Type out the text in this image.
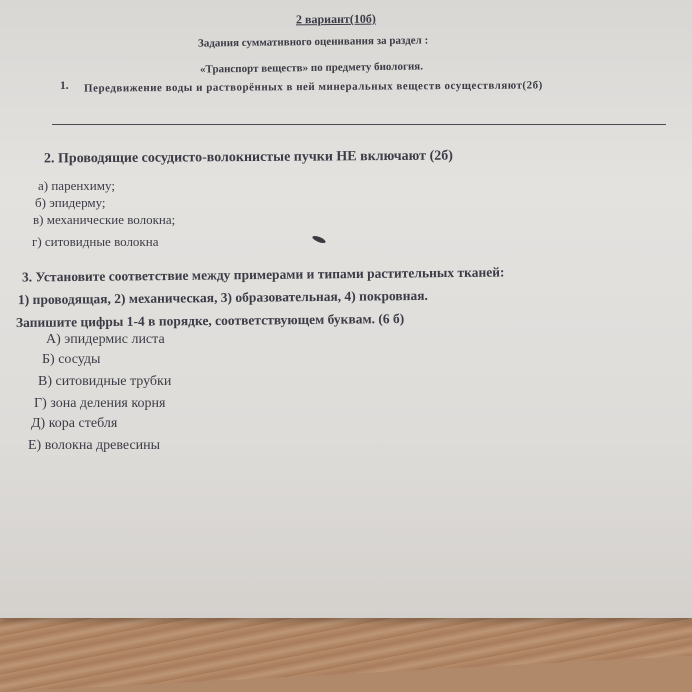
2 вариант(10б)
Задания суммативного оценивания за раздел :
«Транспорт веществ» по предмету биология.
1. Передвижение воды и растворённых в ней минеральных веществ осуществляют(2б)
2. Проводящие сосудисто-волокнистые пучки НЕ включают (2б)
а) паренхиму;
б) эпидерму;
в) механические волокна;
г) ситовидные волокна
3. Установите соответствие между примерами и типами растительных тканей:
1) проводящая, 2) механическая, 3) образовательная, 4) покровная.
Запишите цифры 1-4 в порядке, соответствующем буквам. (6 б)
А) эпидермис листа
Б) сосуды
В) ситовидные трубки
Г) зона деления корня
Д) кора стебля
Е) волокна древесины
